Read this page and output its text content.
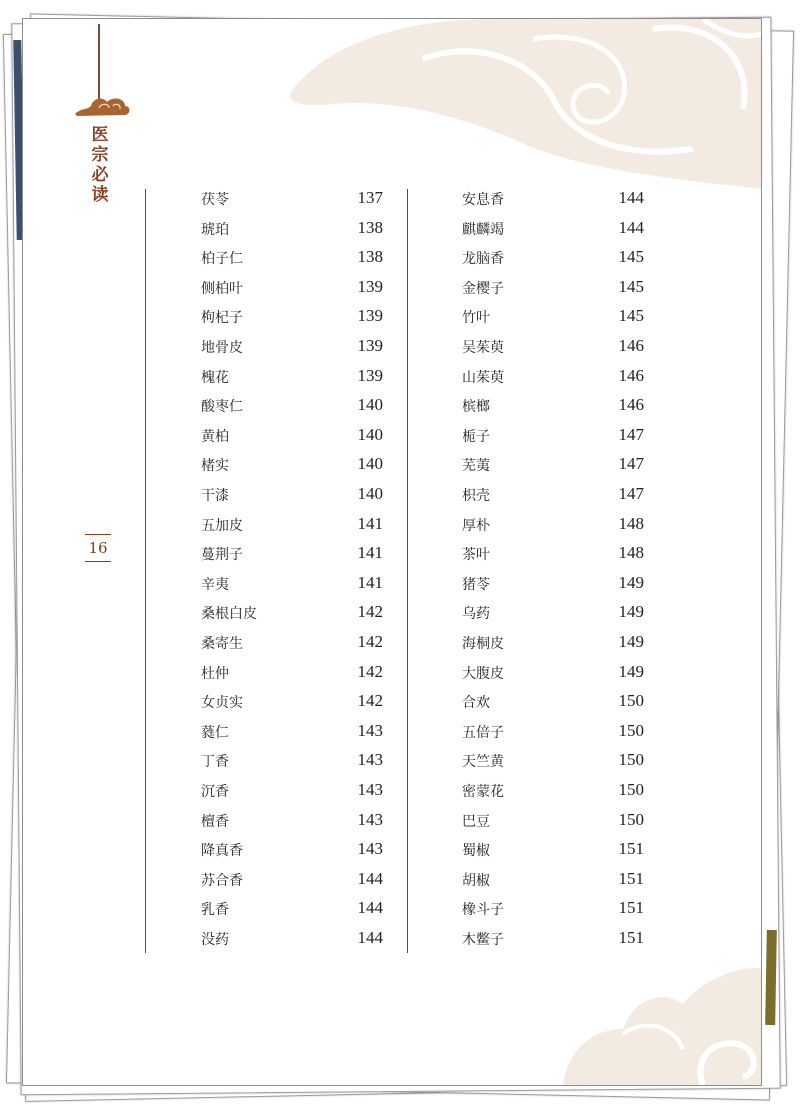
医宗必读
16
茯苓	137
琥珀	138
柏子仁	138
侧柏叶	139
枸杞子	139
地骨皮	139
槐花	139
酸枣仁	140
黄柏	140
楮实	140
干漆	140
五加皮	141
蔓荆子	141
辛夷	141
桑根白皮	142
桑寄生	142
杜仲	142
女贞实	142
蕤仁	143
丁香	143
沉香	143
檀香	143
降真香	143
苏合香	144
乳香	144
没药	144
安息香	144
麒麟竭	144
龙脑香	145
金樱子	145
竹叶	145
吴茱萸	146
山茱萸	146
槟榔	146
栀子	147
芜荑	147
枳壳	147
厚朴	148
茶叶	148
猪苓	149
乌药	149
海桐皮	149
大腹皮	149
合欢	150
五倍子	150
天竺黄	150
密蒙花	150
巴豆	150
蜀椒	151
胡椒	151
橡斗子	151
木鳖子	151
